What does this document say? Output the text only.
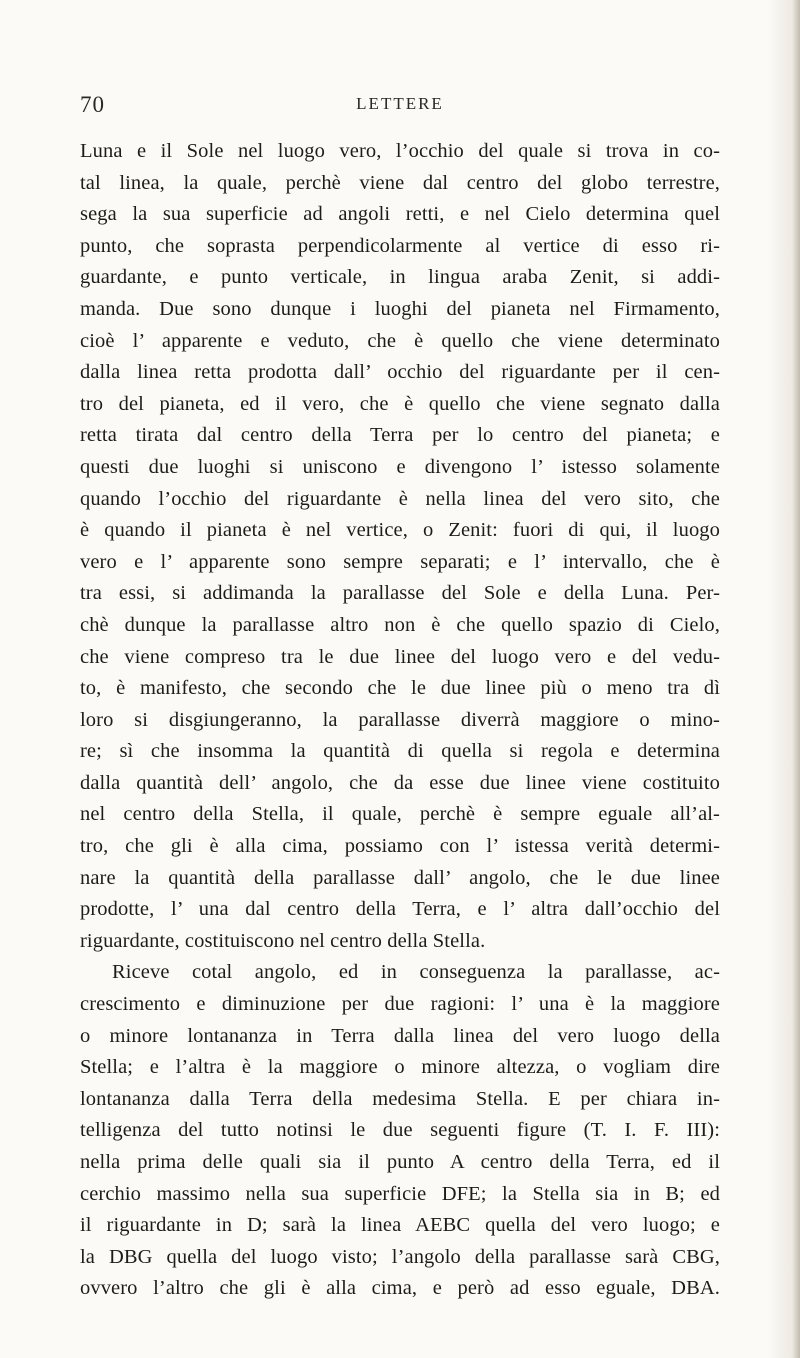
70	LETTERE
Luna e il Sole nel luogo vero, l’occhio del quale si trova in co-
tal linea, la quale, perchè viene dal centro del globo terrestre,
sega la sua superficie ad angoli retti, e nel Cielo determina quel
punto, che soprasta perpendicolarmente al vertice di esso ri-
guardante, e punto verticale, in lingua araba Zenit, si addi-
manda. Due sono dunque i luoghi del pianeta nel Firmamento,
cioè l’ apparente e veduto, che è quello che viene determinato
dalla linea retta prodotta dall’ occhio del riguardante per il cen-
tro del pianeta, ed il vero, che è quello che viene segnato dalla
retta tirata dal centro della Terra per lo centro del pianeta; e
questi due luoghi si uniscono e divengono l’ istesso solamente
quando l’occhio del riguardante è nella linea del vero sito, che
è quando il pianeta è nel vertice, o Zenit: fuori di qui, il luogo
vero e l’ apparente sono sempre separati; e l’ intervallo, che è
tra essi, si addimanda la parallasse del Sole e della Luna. Per-
chè dunque la parallasse altro non è che quello spazio di Cielo,
che viene compreso tra le due linee del luogo vero e del vedu-
to, è manifesto, che secondo che le due linee più o meno tra dì
loro si disgiungeranno, la parallasse diverrà maggiore o mino-
re; sì che insomma la quantità di quella si regola e determina
dalla quantità dell’ angolo, che da esse due linee viene costituito
nel centro della Stella, il quale, perchè è sempre eguale all’al-
tro, che gli è alla cima, possiamo con l’ istessa verità determi-
nare la quantità della parallasse dall’ angolo, che le due linee
prodotte, l’ una dal centro della Terra, e l’ altra dall’occhio del
riguardante, costituiscono nel centro della Stella.
Riceve cotal angolo, ed in conseguenza la parallasse, ac-
crescimento e diminuzione per due ragioni: l’ una è la maggiore
o minore lontananza in Terra dalla linea del vero luogo della
Stella; e l’altra è la maggiore o minore altezza, o vogliam dire
lontananza dalla Terra della medesima Stella. E per chiara in-
telligenza del tutto notinsi le due seguenti figure (T. I. F. III):
nella prima delle quali sia il punto A centro della Terra, ed il
cerchio massimo nella sua superficie DFE; la Stella sia in B; ed
il riguardante in D; sarà la linea AEBC quella del vero luogo; e
la DBG quella del luogo visto; l’angolo della parallasse sarà CBG,
ovvero l’altro che gli è alla cima, e però ad esso eguale, DBA.
